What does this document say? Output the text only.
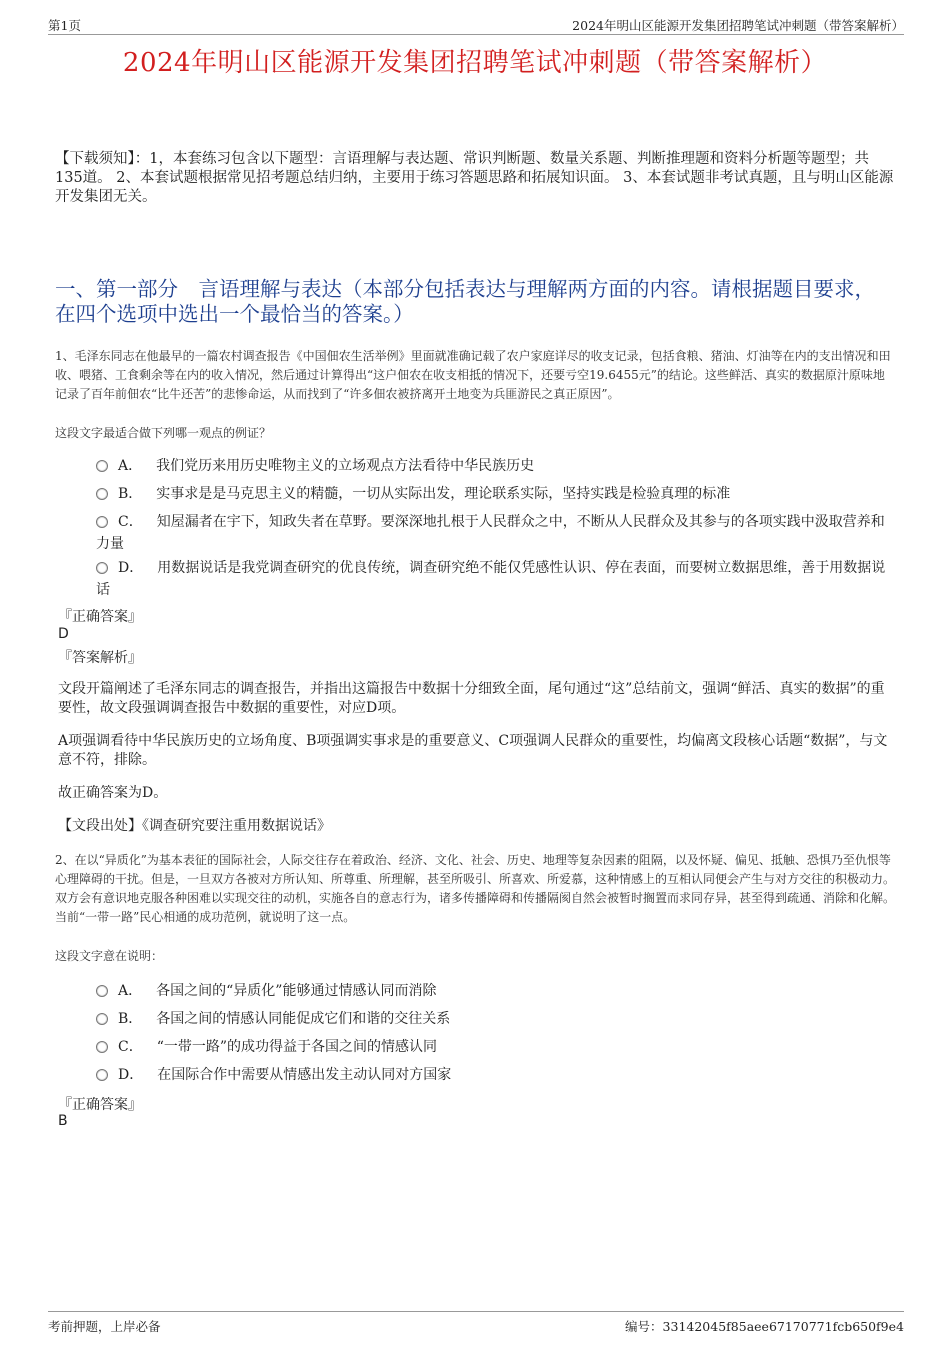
第1页	2024年明山区能源开发集团招聘笔试冲刺题（带答案解析）
2024年明山区能源开发集团招聘笔试冲刺题（带答案解析）
【下载须知】：1，本套练习包含以下题型：言语理解与表达题、常识判断题、数量关系题、判断推理题和资料分析题等题型；共135道。 2、本套试题根据常见招考题总结归纳，主要用于练习答题思路和拓展知识面。 3、本套试题非考试真题，且与明山区能源开发集团无关。
一、第一部分　言语理解与表达（本部分包括表达与理解两方面的内容。请根据题目要求，在四个选项中选出一个最恰当的答案。）
1、毛泽东同志在他最早的一篇农村调查报告《中国佃农生活举例》里面就准确记载了农户家庭详尽的收支记录，包括食粮、猪油、灯油等在内的支出情况和田收、喂猪、工食剩余等在内的收入情况，然后通过计算得出“这户佃农在收支相抵的情况下，还要亏空19.6455元”的结论。这些鲜活、真实的数据原汁原味地记录了百年前佃农“比牛还苦”的悲惨命运，从而找到了“许多佃农被挤离开土地变为兵匪游民之真正原因”。
这段文字最适合做下列哪一观点的例证？
A． 我们党历来用历史唯物主义的立场观点方法看待中华民族历史
B． 实事求是是马克思主义的精髓，一切从实际出发，理论联系实际，坚持实践是检验真理的标准
C． 知屋漏者在宇下，知政失者在草野。要深深地扎根于人民群众之中，不断从人民群众及其参与的各项实践中汲取营养和力量
D． 用数据说话是我党调查研究的优良传统，调查研究绝不能仅凭感性认识、停在表面，而要树立数据思维，善于用数据说话
『正确答案』
D
『答案解析』
文段开篇阐述了毛泽东同志的调查报告，并指出这篇报告中数据十分细致全面，尾句通过“这”总结前文，强调“鲜活、真实的数据”的重要性，故文段强调调查报告中数据的重要性，对应D项。
A项强调看待中华民族历史的立场角度、B项强调实事求是的重要意义、C项强调人民群众的重要性，均偏离文段核心话题“数据”，与文意不符，排除。
故正确答案为D。
【文段出处】《调查研究要注重用数据说话》
2、在以“异质化”为基本表征的国际社会，人际交往存在着政治、经济、文化、社会、历史、地理等复杂因素的阻隔，以及怀疑、偏见、抵触、恐惧乃至仇恨等心理障碍的干扰。但是，一旦双方各被对方所认知、所尊重、所理解，甚至所吸引、所喜欢、所爱慕，这种情感上的互相认同便会产生与对方交往的积极动力。双方会有意识地克服各种困难以实现交往的动机，实施各自的意志行为，诸多传播障碍和传播隔阂自然会被暂时搁置而求同存异，甚至得到疏通、消除和化解。当前“一带一路”民心相通的成功范例，就说明了这一点。
这段文字意在说明：
A． 各国之间的“异质化”能够通过情感认同而消除
B． 各国之间的情感认同能促成它们和谐的交往关系
C． “一带一路”的成功得益于各国之间的情感认同
D． 在国际合作中需要从情感出发主动认同对方国家
『正确答案』
B
考前押题，上岸必备	编号：33142045f85aee67170771fcb650f9e4
